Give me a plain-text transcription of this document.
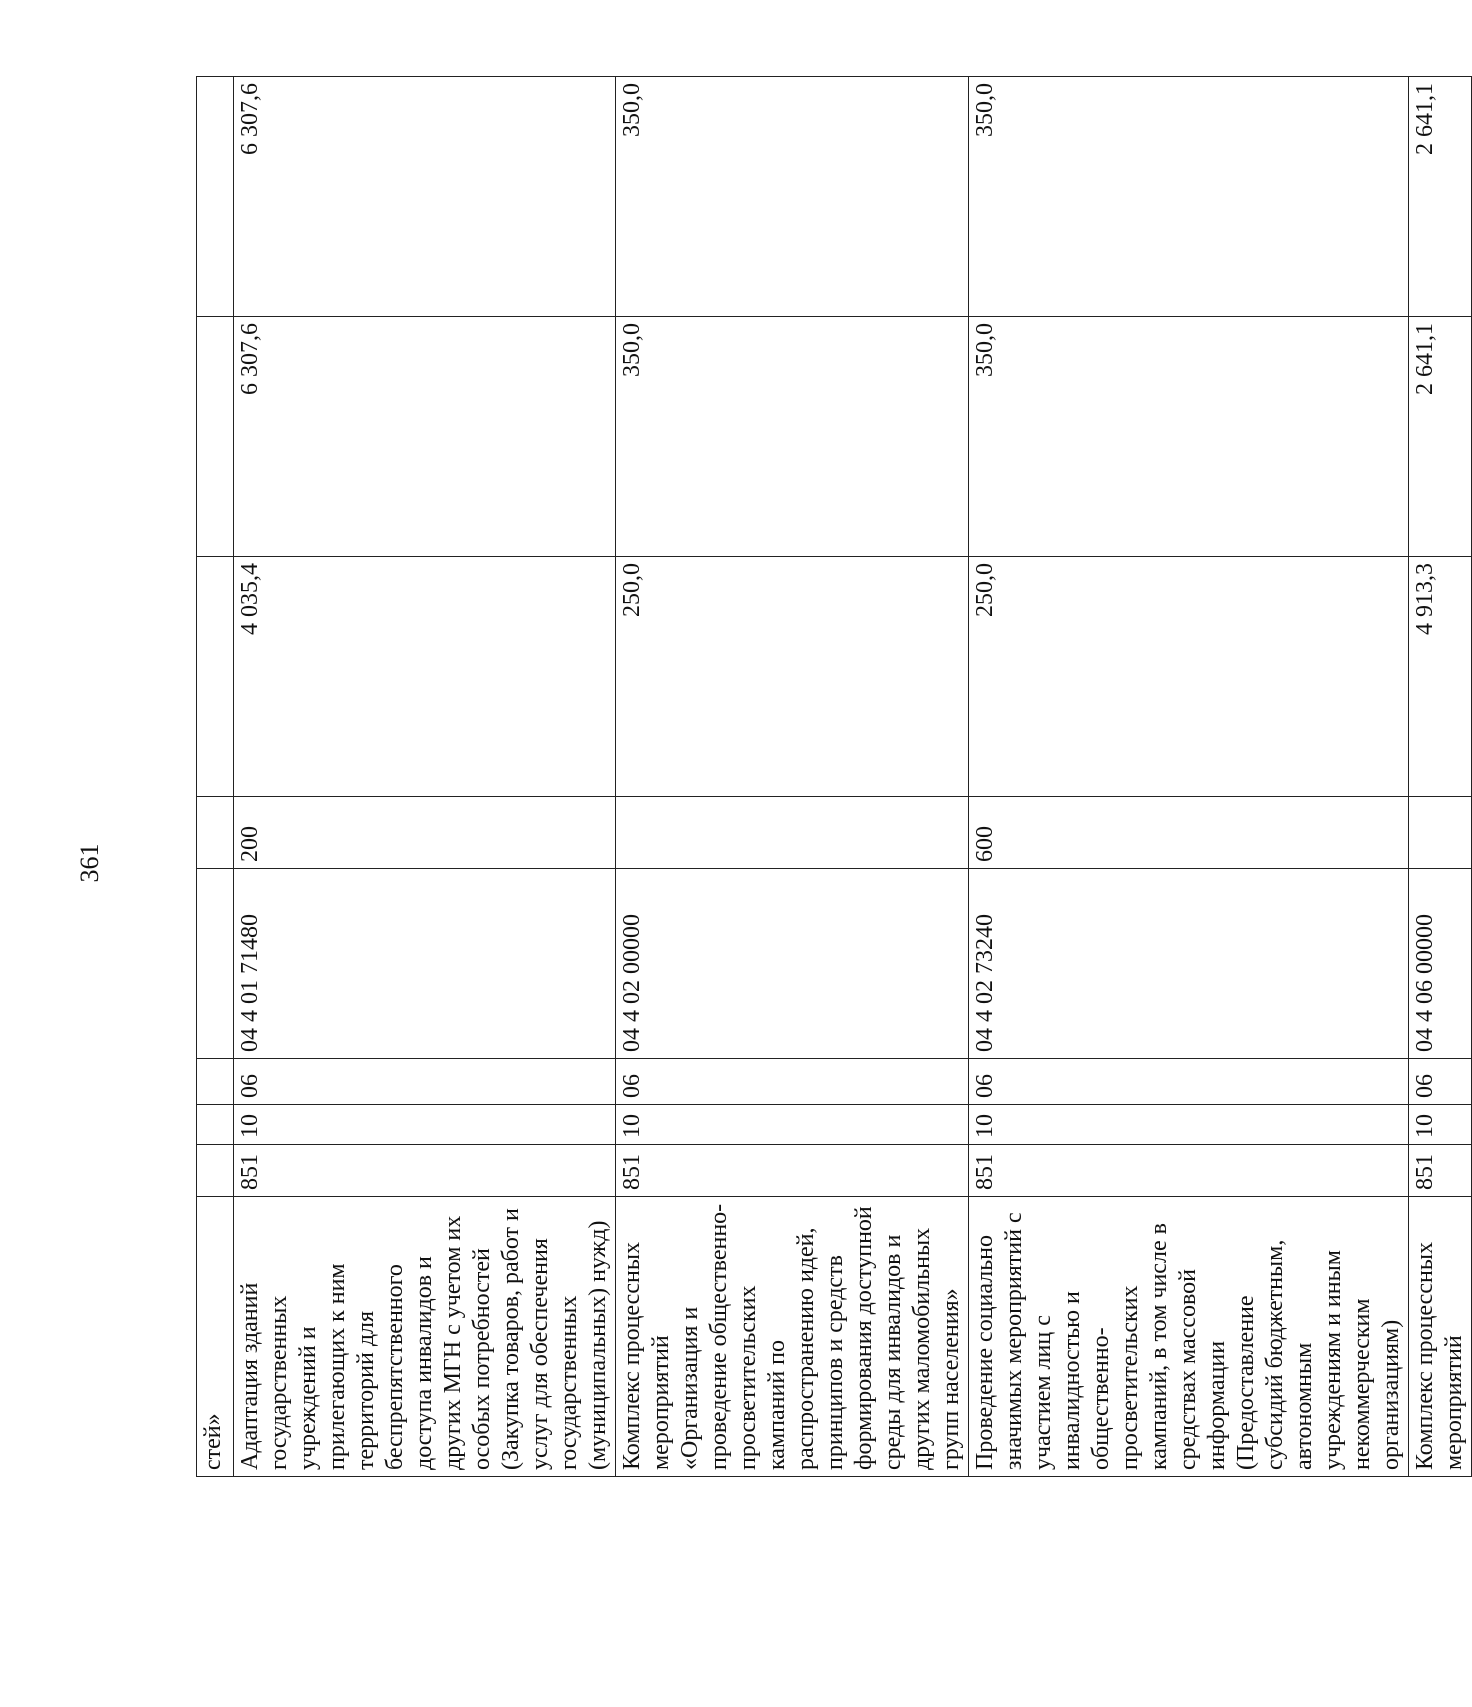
361
стей»								
Адаптация зданий государственных учреждений и прилегающих к ним территорий для беспрепятственного доступа инвалидов и других МГН с учетом их особых потребностей (Закупка товаров, работ и услуг для обеспечения государственных (муниципальных) нужд)	851	10	06	04 4 01 71480	200	4 035,4	6 307,6	6 307,6
Комплекс процессных мероприятий «Организация и проведение общественно-просветительских кампаний по распространению идей, принципов и средств формирования доступной среды для инвалидов и других маломобильных групп населения»	851	10	06	04 4 02 00000		250,0	350,0	350,0
Проведение социально значимых мероприятий с участием лиц с инвалидностью и общественно-просветительских кампаний, в том числе в средствах массовой информации (Предоставление субсидий бюджетным, автономным учреждениям и иным некоммерческим организациям)	851	10	06	04 4 02 73240	600	250,0	350,0	350,0
Комплекс процессных мероприятий	851	10	06	04 4 06 00000		4 913,3	2 641,1	2 641,1
